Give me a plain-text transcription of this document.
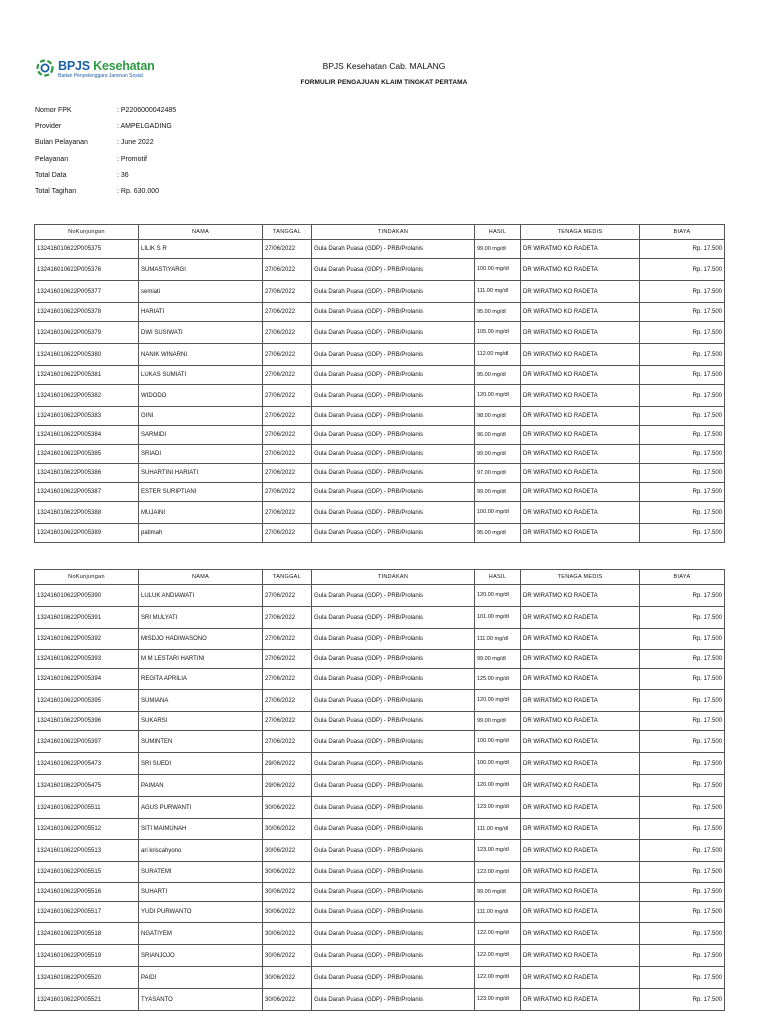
BPJS Kesehatan
Badan Penyelenggara Jaminan Sosial
BPJS Kesehatan Cab. MALANG
FORMULIR PENGAJUAN KLAIM TINGKAT PERTAMA
Nomor FPK	: P2206000042485
Provider	: AMPELGADING
Bulan Pelayanan	: June 2022
Pelayanan	: Promotif
Total Data	: 36
Total Tagihan	: Rp. 630.000
NoKunjungan	NAMA	TANGGAL	TINDAKAN	HASIL	TENAGA MEDIS	BIAYA
132416010622P005375	LILIK S R	27/06/2022	Gula Darah Puasa (GDP) - PRB/Prolanis	99.00 mg/dl	DR WIRATMO KO RADETA	Rp. 17.500
132416010622P005376	SUMASTIYARGI	27/06/2022	Gula Darah Puasa (GDP) - PRB/Prolanis	100.00 mg/dl	DR WIRATMO KO RADETA	Rp. 17.500
132416010622P005377	semiati	27/06/2022	Gula Darah Puasa (GDP) - PRB/Prolanis	111.00 mg/dl	DR WIRATMO KO RADETA	Rp. 17.500
132416010622P005378	HARIATI	27/06/2022	Gula Darah Puasa (GDP) - PRB/Prolanis	95.00 mg/dl	DR WIRATMO KO RADETA	Rp. 17.500
132416010622P005379	DWI SUSIWATI	27/06/2022	Gula Darah Puasa (GDP) - PRB/Prolanis	105.00 mg/dl	DR WIRATMO KO RADETA	Rp. 17.500
132416010622P005380	NANIK WINARNI	27/06/2022	Gula Darah Puasa (GDP) - PRB/Prolanis	112.00 mg/dl	DR WIRATMO KO RADETA	Rp. 17.500
132416010622P005381	LUKAS SUMIATI	27/06/2022	Gula Darah Puasa (GDP) - PRB/Prolanis	95.00 mg/dl	DR WIRATMO KO RADETA	Rp. 17.500
132416010622P005382	WIDODO	27/06/2022	Gula Darah Puasa (GDP) - PRB/Prolanis	120.00 mg/dl	DR WIRATMO KO RADETA	Rp. 17.500
132416010622P005383	GINI	27/06/2022	Gula Darah Puasa (GDP) - PRB/Prolanis	98.00 mg/dl	DR WIRATMO KO RADETA	Rp. 17.500
132416010622P005384	SARMIDI	27/06/2022	Gula Darah Puasa (GDP) - PRB/Prolanis	96.00 mg/dl	DR WIRATMO KO RADETA	Rp. 17.500
132416010622P005385	SRIADI	27/06/2022	Gula Darah Puasa (GDP) - PRB/Prolanis	99.00 mg/dl	DR WIRATMO KO RADETA	Rp. 17.500
132416010622P005386	SUHARTINI HARIATI	27/06/2022	Gula Darah Puasa (GDP) - PRB/Prolanis	97.00 mg/dl	DR WIRATMO KO RADETA	Rp. 17.500
132416010622P005387	ESTER SURIPTIANI	27/06/2022	Gula Darah Puasa (GDP) - PRB/Prolanis	99.00 mg/dl	DR WIRATMO KO RADETA	Rp. 17.500
132416010622P005388	MUJAINI	27/06/2022	Gula Darah Puasa (GDP) - PRB/Prolanis	100.00 mg/dl	DR WIRATMO KO RADETA	Rp. 17.500
132416010622P005389	patimah	27/06/2022	Gula Darah Puasa (GDP) - PRB/Prolanis	95.00 mg/dl	DR WIRATMO KO RADETA	Rp. 17.500
NoKunjungan	NAMA	TANGGAL	TINDAKAN	HASIL	TENAGA MEDIS	BIAYA
132416010622P005390	LULUK ANDIAWATI	27/06/2022	Gula Darah Puasa (GDP) - PRB/Prolanis	120.00 mg/dl	DR WIRATMO KO RADETA	Rp. 17.500
132416010622P005391	SRI MULYATI	27/06/2022	Gula Darah Puasa (GDP) - PRB/Prolanis	101.00 mg/dl	DR WIRATMO KO RADETA	Rp. 17.500
132416010622P005392	MISDJO HADIWASONO	27/06/2022	Gula Darah Puasa (GDP) - PRB/Prolanis	111.00 mg/dl	DR WIRATMO KO RADETA	Rp. 17.500
132416010622P005393	M M LESTARI HARTINI	27/06/2022	Gula Darah Puasa (GDP) - PRB/Prolanis	99.00 mg/dl	DR WIRATMO KO RADETA	Rp. 17.500
132416010622P005394	REGITA APRILIA	27/06/2022	Gula Darah Puasa (GDP) - PRB/Prolanis	125.00 mg/dl	DR WIRATMO KO RADETA	Rp. 17.500
132416010622P005395	SUMIANA	27/06/2022	Gula Darah Puasa (GDP) - PRB/Prolanis	120.00 mg/dl	DR WIRATMO KO RADETA	Rp. 17.500
132416010622P005396	SUKARSI	27/06/2022	Gula Darah Puasa (GDP) - PRB/Prolanis	99.00 mg/dl	DR WIRATMO KO RADETA	Rp. 17.500
132416010622P005397	SUMINTEN	27/06/2022	Gula Darah Puasa (GDP) - PRB/Prolanis	100.00 mg/dl	DR WIRATMO KO RADETA	Rp. 17.500
132416010622P005473	SRI SUEDI	29/06/2022	Gula Darah Puasa (GDP) - PRB/Prolanis	100.00 mg/dl	DR WIRATMO KO RADETA	Rp. 17.500
132416010622P005475	PAIMAN	29/06/2022	Gula Darah Puasa (GDP) - PRB/Prolanis	120.00 mg/dl	DR WIRATMO KO RADETA	Rp. 17.500
132416010622P005511	AGUS PURWANTI	30/06/2022	Gula Darah Puasa (GDP) - PRB/Prolanis	123.00 mg/dl	DR WIRATMO KO RADETA	Rp. 17.500
132416010622P005512	SITI MAIMUNAH	30/06/2022	Gula Darah Puasa (GDP) - PRB/Prolanis	111.00 mg/dl	DR WIRATMO KO RADETA	Rp. 17.500
132416010622P005513	ari kriscahyono	30/06/2022	Gula Darah Puasa (GDP) - PRB/Prolanis	123.00 mg/dl	DR WIRATMO KO RADETA	Rp. 17.500
132416010622P005515	SURATEMI	30/06/2022	Gula Darah Puasa (GDP) - PRB/Prolanis	122.00 mg/dl	DR WIRATMO KO RADETA	Rp. 17.500
132416010622P005516	SUHARTI	30/06/2022	Gula Darah Puasa (GDP) - PRB/Prolanis	99.00 mg/dl	DR WIRATMO KO RADETA	Rp. 17.500
132416010622P005517	YUDI PURWANTO	30/06/2022	Gula Darah Puasa (GDP) - PRB/Prolanis	111.00 mg/dl	DR WIRATMO KO RADETA	Rp. 17.500
132416010622P005518	NGATIYEM	30/06/2022	Gula Darah Puasa (GDP) - PRB/Prolanis	122.00 mg/dl	DR WIRATMO KO RADETA	Rp. 17.500
132416010622P005519	SRIANJOJO	30/06/2022	Gula Darah Puasa (GDP) - PRB/Prolanis	122.00 mg/dl	DR WIRATMO KO RADETA	Rp. 17.500
132416010622P005520	PAIDI	30/06/2022	Gula Darah Puasa (GDP) - PRB/Prolanis	122.00 mg/dl	DR WIRATMO KO RADETA	Rp. 17.500
132416010622P005521	TYASANTO	30/06/2022	Gula Darah Puasa (GDP) - PRB/Prolanis	123.00 mg/dl	DR WIRATMO KO RADETA	Rp. 17.500
